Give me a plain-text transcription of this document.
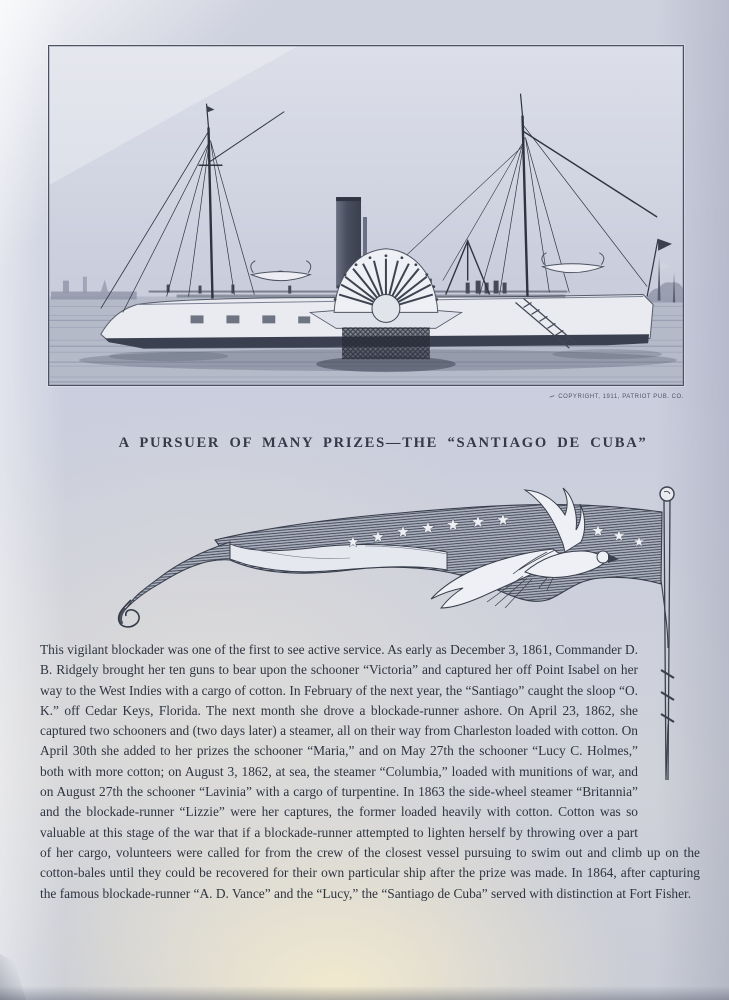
COPYRIGHT, 1911, PATRIOT PUB. CO.
A PURSUER OF MANY PRIZES—THE “SANTIAGO DE CUBA”
This vigilant blockader was one of the first to see active service. As early as December 3, 1861, Commander D. B. Ridgely brought her ten guns to bear upon the schooner “Victoria” and captured her off Point Isabel on her way to the West Indies with a cargo of cotton. In February of the next year, the “Santiago” caught the sloop “O. K.” off Cedar Keys, Florida. The next month she drove a blockade-runner ashore. On April 23, 1862, she captured two schooners and (two days later) a steamer, all on their way from Charleston loaded with cotton. On April 30th she added to her prizes the schooner “Maria,” and on May 27th the schooner “Lucy C. Holmes,” both with more cotton; on August 3, 1862, at sea, the steamer “Columbia,” loaded with munitions of war, and on August 27th the schooner “Lavinia” with a cargo of turpentine. In 1863 the side-wheel steamer “Britannia” and the blockade-runner “Lizzie” were her captures, the former loaded heavily with cotton. Cotton was so valuable at this stage of the war that if a blockade-runner attempted to lighten herself by throwing over a part of her cargo, volunteers were called for from the crew of the closest vessel pursuing to swim out and climb up on the cotton-bales until they could be recovered for their own particular ship after the prize was made. In 1864, after capturing the famous blockade-runner “A. D. Vance” and the “Lucy,” the “Santiago de Cuba” served with distinction at Fort Fisher.
